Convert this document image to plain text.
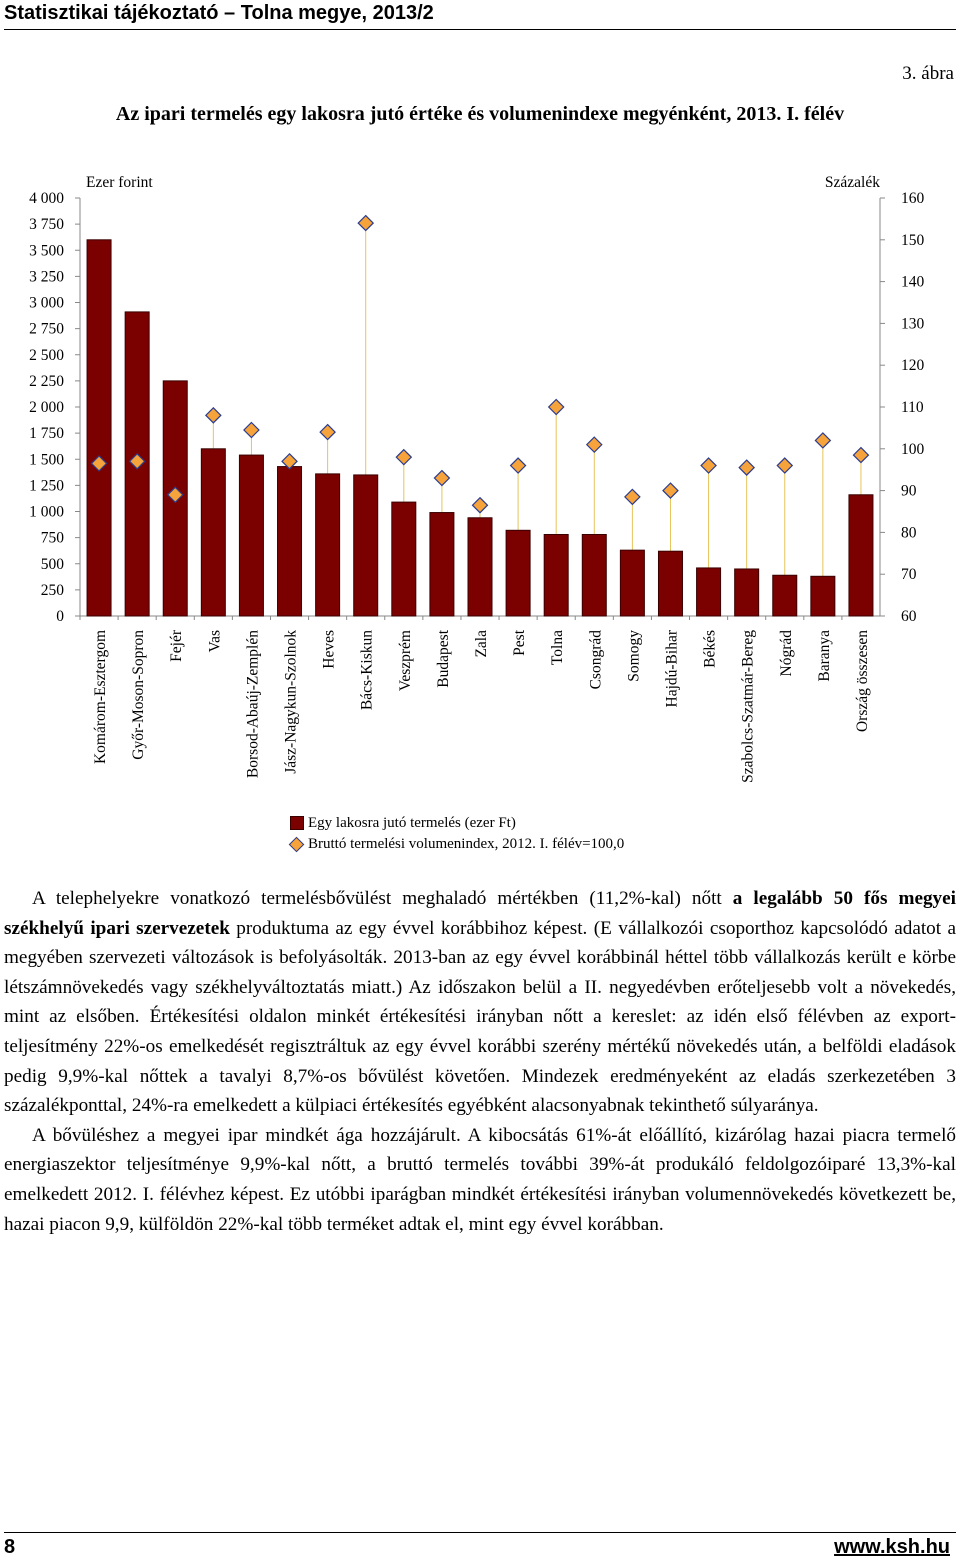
Statisztikai tájékoztató – Tolna megye, 2013/2
3. ábra
Az ipari termelés egy lakosra jutó értéke és volumenindexe megyénként, 2013. I. félév
0
250
500
750
1 000
1 250
1 500
1 750
2 000
2 250
2 500
2 750
3 000
3 250
3 500
3 750
4 000
Ezer forint
60
70
80
90
100
110
120
130
140
150
160
Százalék
Komárom-Esztergom Győr-Moson-Sopron Fejér Vas Borsod-Abaúj-Zemplén Jász-Nagykun-Szolnok Heves Bács-Kiskun Veszprém Budapest Zala Pest Tolna Csongrád Somogy Hajdú-Bihar Békés Szabolcs-Szatmár-Bereg Nógrád Baranya Ország összesen
Egy lakosra jutó termelés (ezer Ft)
Bruttó termelési volumenindex, 2012. I. félév=100,0

A telephelyekre vonatkozó termelésbővülést meghaladó mértékben (11,2%-kal) nőtt a legalább 50 fős megyei székhelyű ipari szervezetek produktuma az egy évvel korábbihoz képest. (E vállalkozói csoporthoz kapcsolódó adatot a megyében szervezeti változások is befolyásolták. 2013-ban az egy évvel korábbinál héttel több vállalkozás került e körbe létszámnövekedés vagy székhelyváltoztatás miatt.) Az időszakon belül a II. negyedévben erőteljesebb volt a növekedés, mint az elsőben. Értékesítési oldalon minkét értékesítési irányban nőtt a kereslet: az idén első félévben az export-teljesítmény 22%-os emelkedését regisztráltuk az egy évvel korábbi szerény mértékű növekedés után, a belföldi eladások pedig 9,9%-kal nőttek a tavalyi 8,7%-os bővülést követően. Mindezek eredményeként az eladás szerkezetében 3 százalékponttal, 24%-ra emelkedett a külpiaci értékesítés egyébként alacsonyabnak tekinthető súlyaránya.

A bővüléshez a megyei ipar mindkét ága hozzájárult. A kibocsátás 61%-át előállító, kizárólag hazai piacra termelő energiaszektor teljesítménye 9,9%-kal nőtt, a bruttó termelés további 39%-át produkáló feldolgozóiparé 13,3%-kal emelkedett 2012. I. félévhez képest. Ez utóbbi iparágban mindkét értékesítési irányban volumennövekedés következett be, hazai piacon 9,9, külföldön 22%-kal több terméket adtak el, mint egy évvel korábban.

8	www.ksh.hu
